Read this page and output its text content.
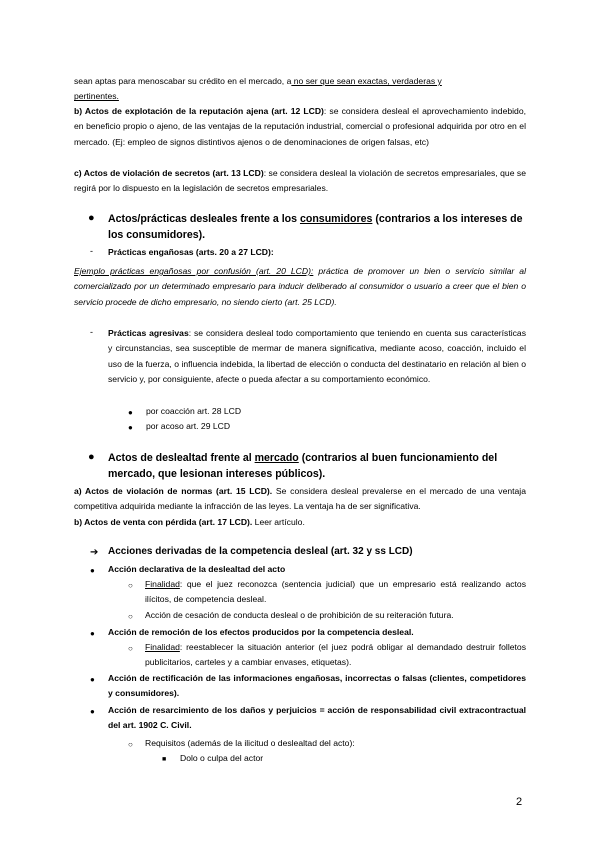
sean aptas para menoscabar su crédito en el mercado, a no ser que sean exactas, verdaderas y
pertinentes.
b) Actos de explotación de la reputación ajena (art. 12 LCD): se considera desleal el aprovechamiento indebido, en beneficio propio o ajeno, de las ventajas de la reputación industrial, comercial o profesional adquirida por otro en el mercado. (Ej: empleo de signos distintivos ajenos o de denominaciones de origen falsas, etc)
c) Actos de violación de secretos (art. 13 LCD): se considera desleal la violación de secretos empresariales, que se regirá por lo dispuesto en la legislación de secretos empresariales.
● Actos/prácticas desleales frente a los consumidores (contrarios a los intereses de
los consumidores).
- Prácticas engañosas (arts. 20 a 27 LCD):
Ejemplo prácticas engañosas por confusión (art. 20 LCD): práctica de promover un bien o servicio similar al comercializado por un determinado empresario para inducir deliberado al consumidor o usuario a creer que el bien o servicio procede de dicho empresario, no siendo cierto (art. 25 LCD).
- Prácticas agresivas: se considera desleal todo comportamiento que teniendo en cuenta sus características y circunstancias, sea susceptible de mermar de manera significativa, mediante acoso, coacción, incluido el uso de la fuerza, o influencia indebida, la libertad de elección o conducta del destinatario en relación al bien o servicio y, por consiguiente, afecte o pueda afectar a su comportamiento económico.
● por coacción art. 28 LCD
● por acoso art. 29 LCD
● Actos de deslealtad frente al mercado (contrarios al buen funcionamiento del
mercado, que lesionan intereses públicos).
a) Actos de violación de normas (art. 15 LCD). Se considera desleal prevalerse en el mercado de una ventaja competitiva adquirida mediante la infracción de las leyes. La ventaja ha de ser significativa.
b) Actos de venta con pérdida (art. 17 LCD). Leer artículo.
➔ Acciones derivadas de la competencia desleal (art. 32 y ss LCD)
● Acción declarativa de la deslealtad del acto
○ Finalidad: que el juez reconozca (sentencia judicial) que un empresario está realizando actos ilícitos, de competencia desleal.
○ Acción de cesación de conducta desleal o de prohibición de su reiteración futura.
● Acción de remoción de los efectos producidos por la competencia desleal.
○ Finalidad: reestablecer la situación anterior (el juez podrá obligar al demandado destruir folletos publicitarios, carteles y a cambiar envases, etiquetas).
● Acción de rectificación de las informaciones engañosas, incorrectas o falsas (clientes, competidores y consumidores).
● Acción de resarcimiento de los daños y perjuicios = acción de responsabilidad civil extracontractual del art. 1902 C. Civil.
○ Requisitos (además de la ilicitud o deslealtad del acto):
■ Dolo o culpa del actor
2
